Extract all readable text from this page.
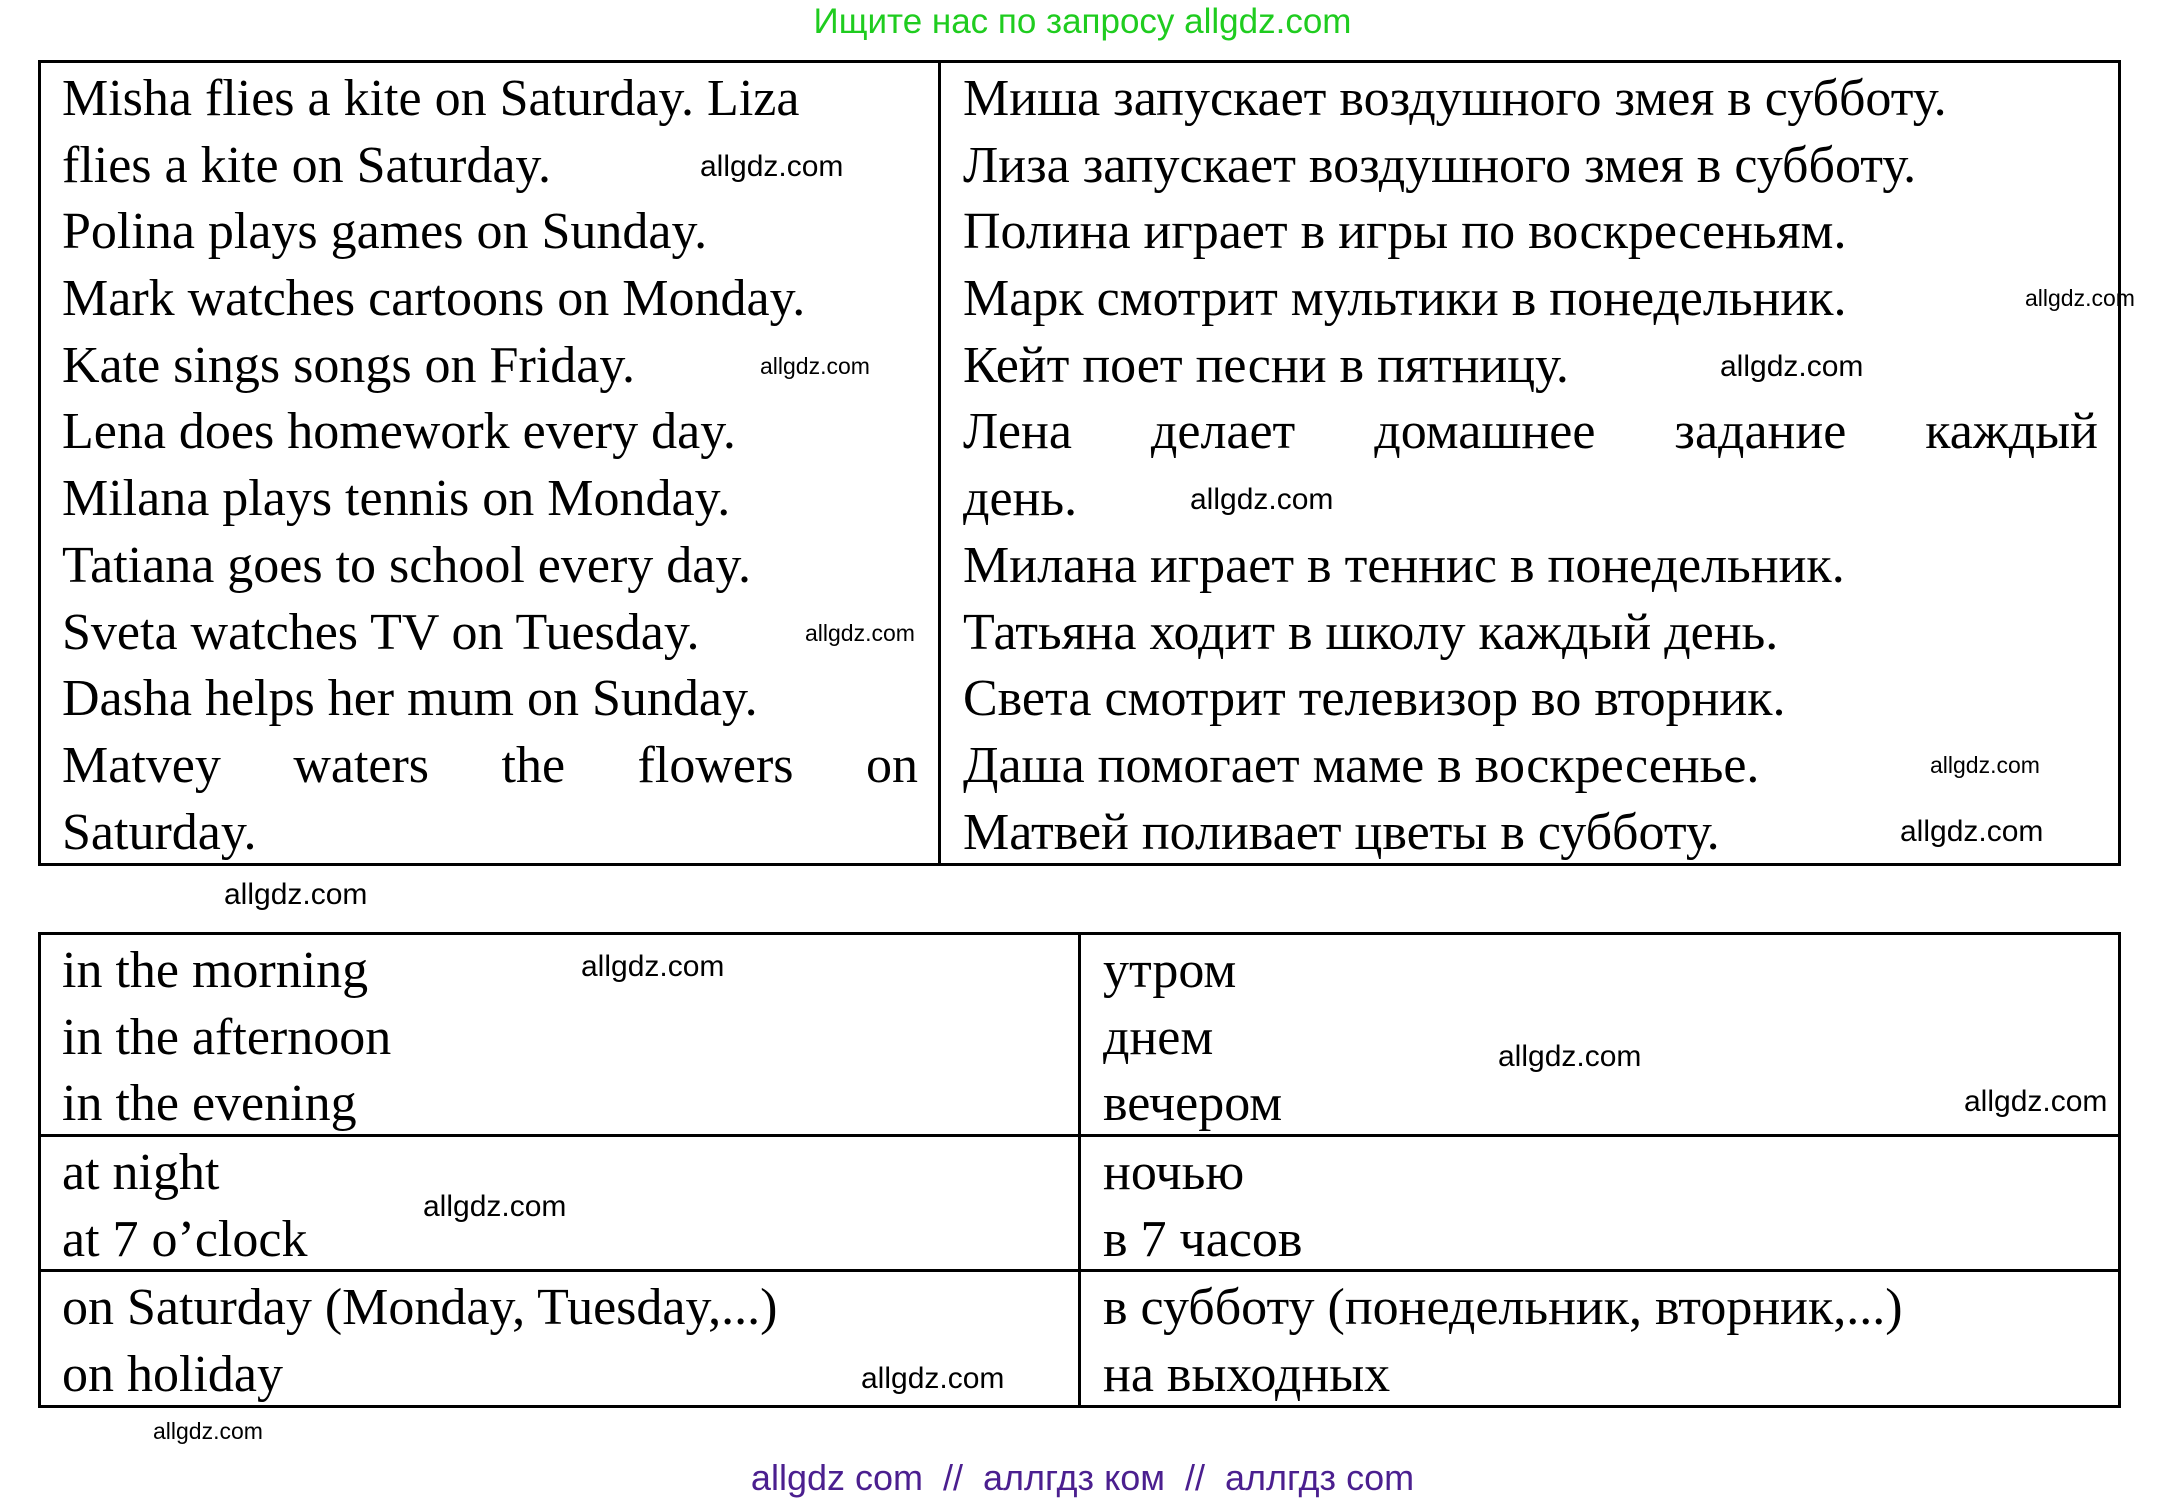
Ищите нас по запросу allgdz.com
Misha flies a kite on Saturday. Liza
flies a kite on Saturday.
Polina plays games on Sunday.
Mark watches cartoons on Monday.
Kate sings songs on Friday.
Lena does homework every day.
Milana plays tennis on Monday.
Tatiana goes to school every day.
Sveta watches TV on Tuesday.
Dasha helps her mum on Sunday.
Matvey waters the flowers on
Saturday.
Миша запускает воздушного змея в субботу.
Лиза запускает воздушного змея в субботу.
Полина играет в игры по воскресеньям.
Марк смотрит мультики в понедельник.
Кейт поет песни в пятницу.
Лена делает домашнее задание каждый
день.
Милана играет в теннис в понедельник.
Татьяна ходит в школу каждый день.
Света смотрит телевизор во вторник.
Даша помогает маме в воскресенье.
Матвей поливает цветы в субботу.
in the morning
in the afternoon
in the evening
утром
днем
вечером
at night
at 7 o’clock
ночью
в 7 часов
on Saturday (Monday, Tuesday,...)
on holiday
в субботу (понедельник, вторник,...)
на выходных
allgdz.com
allgdz.com
allgdz.com	allgdz.com
allgdz.com
allgdz.com
allgdz.com
allgdz.com
allgdz.com
allgdz.com
allgdz.com
allgdz.com
allgdz.com
allgdz.com
allgdz.com
allgdz com  //  аллгдз ком  //  аллгдз com
